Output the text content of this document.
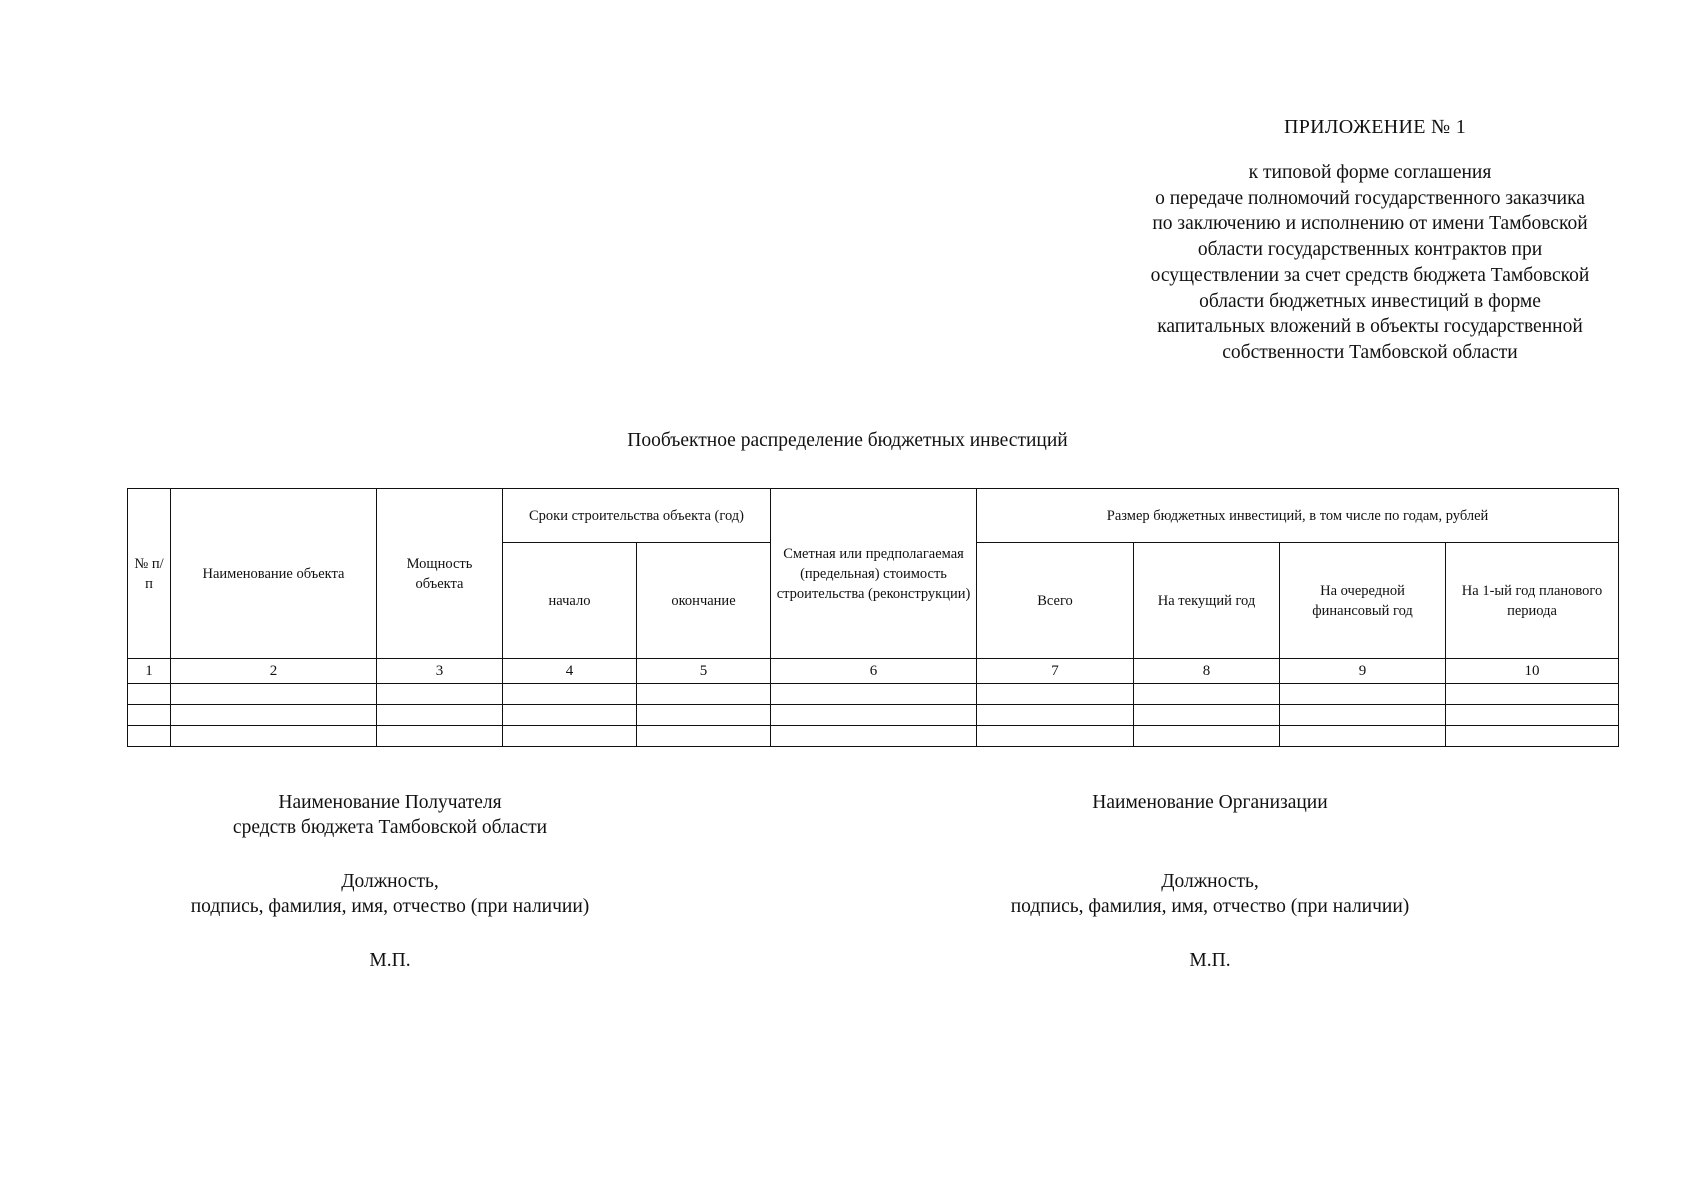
ПРИЛОЖЕНИЕ № 1
к типовой форме соглашения
о передаче полномочий государственного заказчика
по заключению и исполнению от имени Тамбовской
области государственных контрактов при
осуществлении за счет средств бюджета Тамбовской
области бюджетных инвестиций в форме
капитальных вложений в объекты государственной
собственности Тамбовской области
Пообъектное распределение бюджетных инвестиций
№ п/п	Наименование объекта	Мощность объекта	Сроки строительства объекта (год)		Сметная или предполагаемая (предельная) стоимость строительства (реконструкции)	Размер бюджетных инвестиций, в том числе по годам, рублей			
			начало	окончание		Всего	На текущий год	На очередной финансовый год	На 1-ый год планового периода
1	2	3	4	5	6	7	8	9	10

Наименование Получателя
средств бюджета Тамбовской области
Должность,
подпись, фамилия, имя, отчество (при наличии)
М.П.
Наименование Организации
Должность,
подпись, фамилия, имя, отчество (при наличии)
М.П.
